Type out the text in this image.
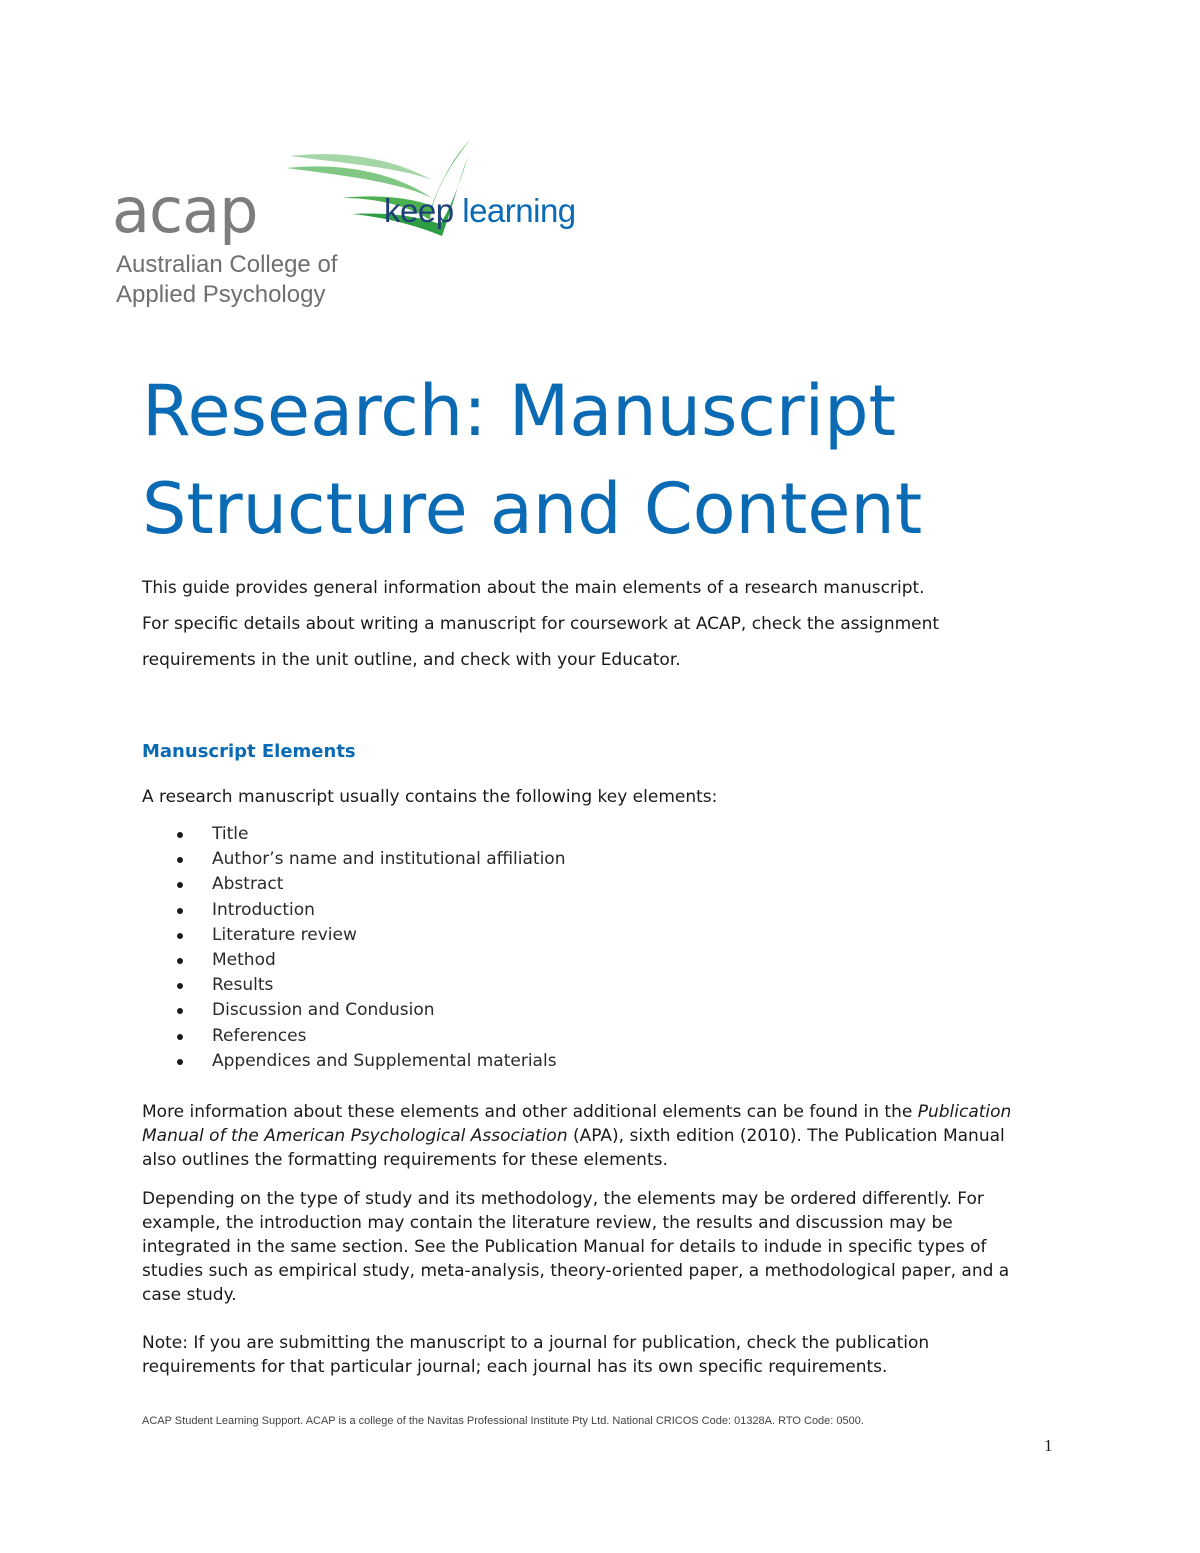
acap	keep learning
Australian College of
Applied Psychology
Research: Manuscript
Structure and Content
This guide provides general information about the main elements of a research manuscript.
For specific details about writing a manuscript for coursework at ACAP, check the assignment
requirements in the unit outline, and check with your Educator.
Manuscript Elements
A research manuscript usually contains the following key elements:
Title
Author’s name and institutional affiliation
Abstract
Introduction
Literature review
Method
Results
Discussion and Condusion
References
Appendices and Supplemental materials

More information about these elements and other additional elements can be found in the Publication Manual of the American Psychological Association (APA), sixth edition (2010). The Publication Manual also outlines the formatting requirements for these elements.

Depending on the type of study and its methodology, the elements may be ordered differently. For example, the introduction may contain the literature review, the results and discussion may be integrated in the same section. See the Publication Manual for details to indude in specific types of studies such as empirical study, meta-analysis, theory-oriented paper, a methodological paper, and a case study.

Note: If you are submitting the manuscript to a journal for publication, check the publication requirements for that particular journal; each journal has its own specific requirements.

ACAP Student Learning Support. ACAP is a college of the Navitas Professional Institute Pty Ltd. National CRICOS Code: 01328A. RTO Code: 0500.
1
